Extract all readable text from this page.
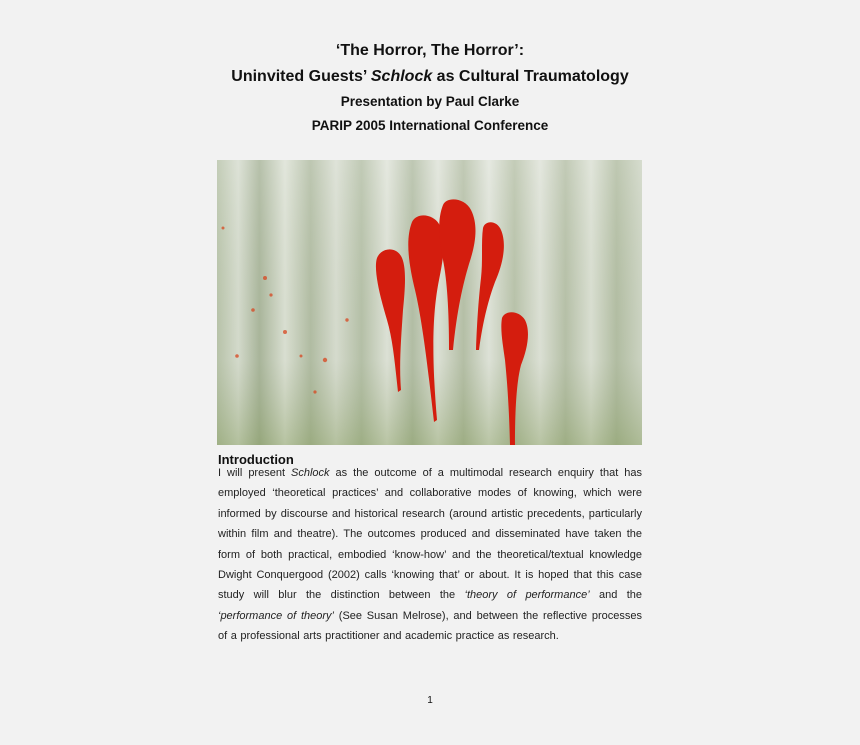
‘The Horror, The Horror’:
Uninvited Guests’ Schlock as Cultural Traumatology
Presentation by Paul Clarke
PARIP 2005 International Conference
Introduction
I will present Schlock as the outcome of a multimodal research enquiry that has employed ‘theoretical practices’ and collaborative modes of knowing, which were informed by discourse and historical research (around artistic precedents, particularly within film and theatre). The outcomes produced and disseminated have taken the form of both practical, embodied ‘know-how’ and the theoretical/textual knowledge Dwight Conquergood (2002) calls ‘knowing that’ or about. It is hoped that this case study will blur the distinction between the ‘theory of performance’ and the ‘performance of theory’ (See Susan Melrose), and between the reflective processes of a professional arts practitioner and academic practice as research.
1
